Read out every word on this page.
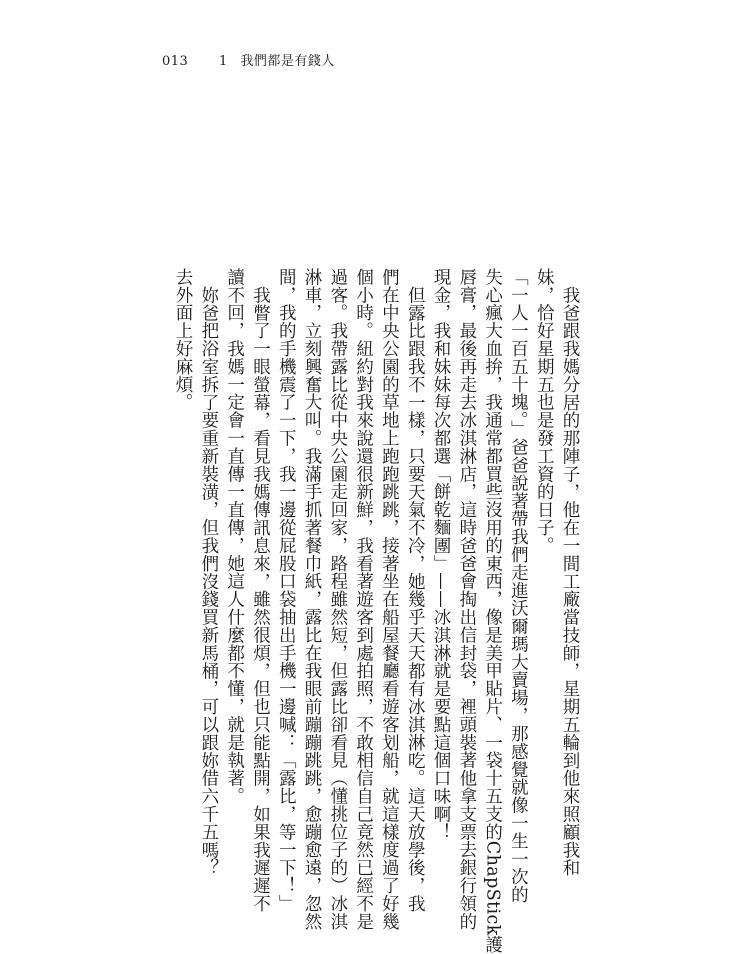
013 1 我們都是有錢人
我爸跟我媽分居的那陣子，他在一間工廠當技師，星期五輪到他來照顧我和
妹，恰好星期五也是發工資的日子。
「一人一百五十塊。」爸爸說著帶我們走進沃爾瑪大賣場，那感覺就像一生一次的
失心瘋大血拚，我通常都買些沒用的東西，像是美甲貼片、一袋十五支的ChapStick護
唇膏，最後再走去冰淇淋店，這時爸爸會掏出信封袋，裡頭裝著他拿支票去銀行領的
現金，我和妹妹每次都選「餅乾麵團」——冰淇淋就是要點這個口味啊！
但露比跟我不一樣，只要天氣不冷，她幾乎天天都有冰淇淋吃。這天放學後，我
們在中央公園的草地上跑跑跳跳，接著坐在船屋餐廳看遊客划船，就這樣度過了好幾
個小時。紐約對我來說還很新鮮，我看著遊客到處拍照，不敢相信自己竟然已經不是
過客。我帶露比從中央公園走回家，路程雖然短，但露比卻看見（懂挑位子的）冰淇
淋車，立刻興奮大叫。我滿手抓著餐巾紙，露比在我眼前蹦蹦跳跳，愈蹦愈遠，忽然
間，我的手機震了一下，我一邊從屁股口袋抽出手機一邊喊：「露比，等一下！」
我瞥了一眼螢幕，看見我媽傳訊息來，雖然很煩，但也只能點開，如果我遲遲不
讀不回，我媽一定會一直傳一直傳，她這人什麼都不懂，就是執著。
妳爸把浴室拆了要重新裝潢，但我們沒錢買新馬桶，可以跟妳借六千五嗎？
去外面上好麻煩。
